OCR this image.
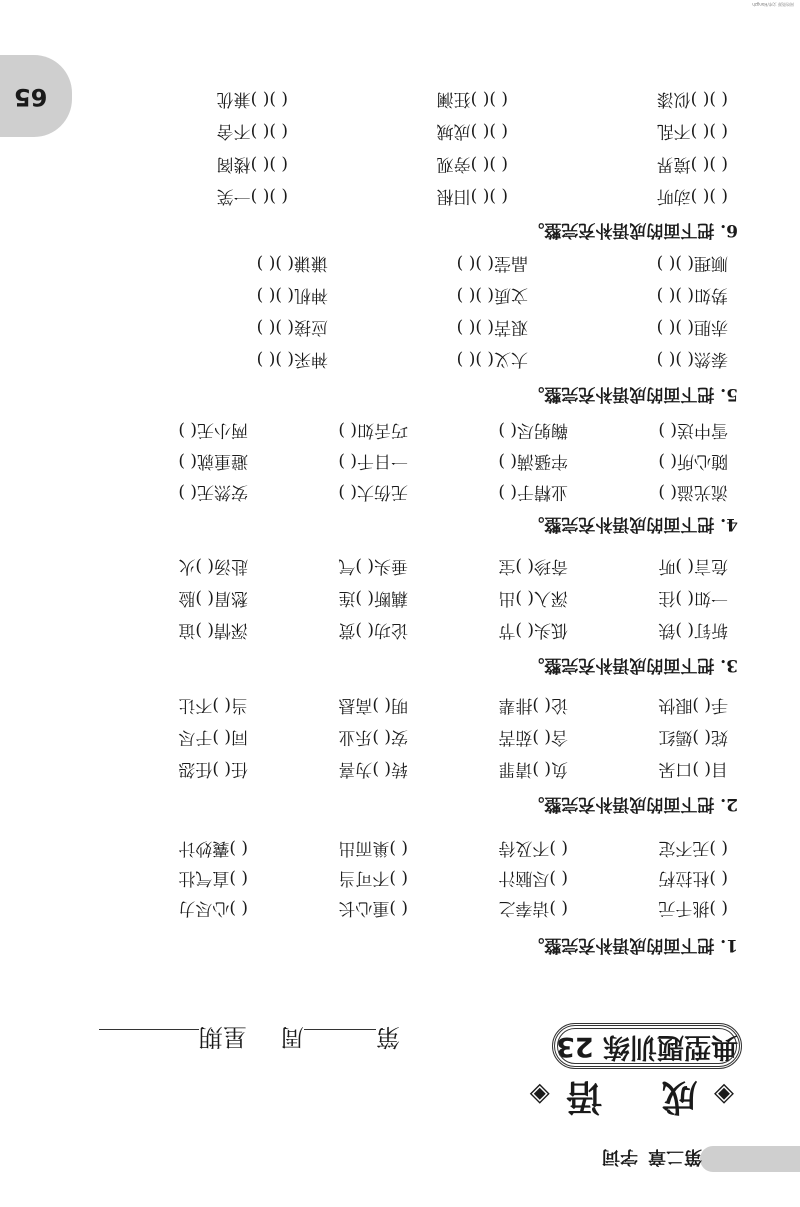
第二章字词
◈ 成  语 ◈
典型题训练 23
第周  星期
1. 把下面的成语补充完整。
( )挑千元
( )诘奉之
( )重心长
( )心尽力
( )杜拉朽
( )尽脑汁
( )不可当
( )直气壮
( )无不定
( )不及待
( )巢而出
( )囊妙计
2. 把下面的成语补充完整。
目( )口呆
负( )请罪
转( )为喜
任( )任怨
姹( )嫣红
含( )茹苦
安( )乐业
同( )于尽
手( )眼快
论( )排辈
明( )高悬
当( )不让
3. 把下面的成语补充完整。
斩钉( )铁
低头( )节
论功( )赏
深情( )谊
一如( )往
深入( )出
藕断( )连
愁眉( )脸
危言( )听
奇珍( )宝
垂头( )气
赴汤( )火
4. 把下面的成语补充完整。
流光溢( )
业精于( )
无伤大( )
安然无( )
随心所( )
牢骚满( )
一日千( )
避重就( )
雪中送( )
鞠躬尽( )
巧舌如( )
两小无( )
5. 把下面的成语补充完整。
泰然( )( )
大义( )( )
神采( )( )
赤胆( )( )
艰苦( )( )
应接( )( )
势如( )( )
文质( )( )
神机( )( )
顺理( )( )
晶莹( )( )
谦谦( )( )
6. 把下面的成语补充完整。
( )( )动听
( )( )旧根
( )( )一笑
( )( )境界
( )( )旁观
( )( )楼阁
( )( )不乱
( )( )成城
( )( )不舍
( )( )似漆
( )( )狂澜
( )( )兼优
65
网络资源 文库/Hangzh
